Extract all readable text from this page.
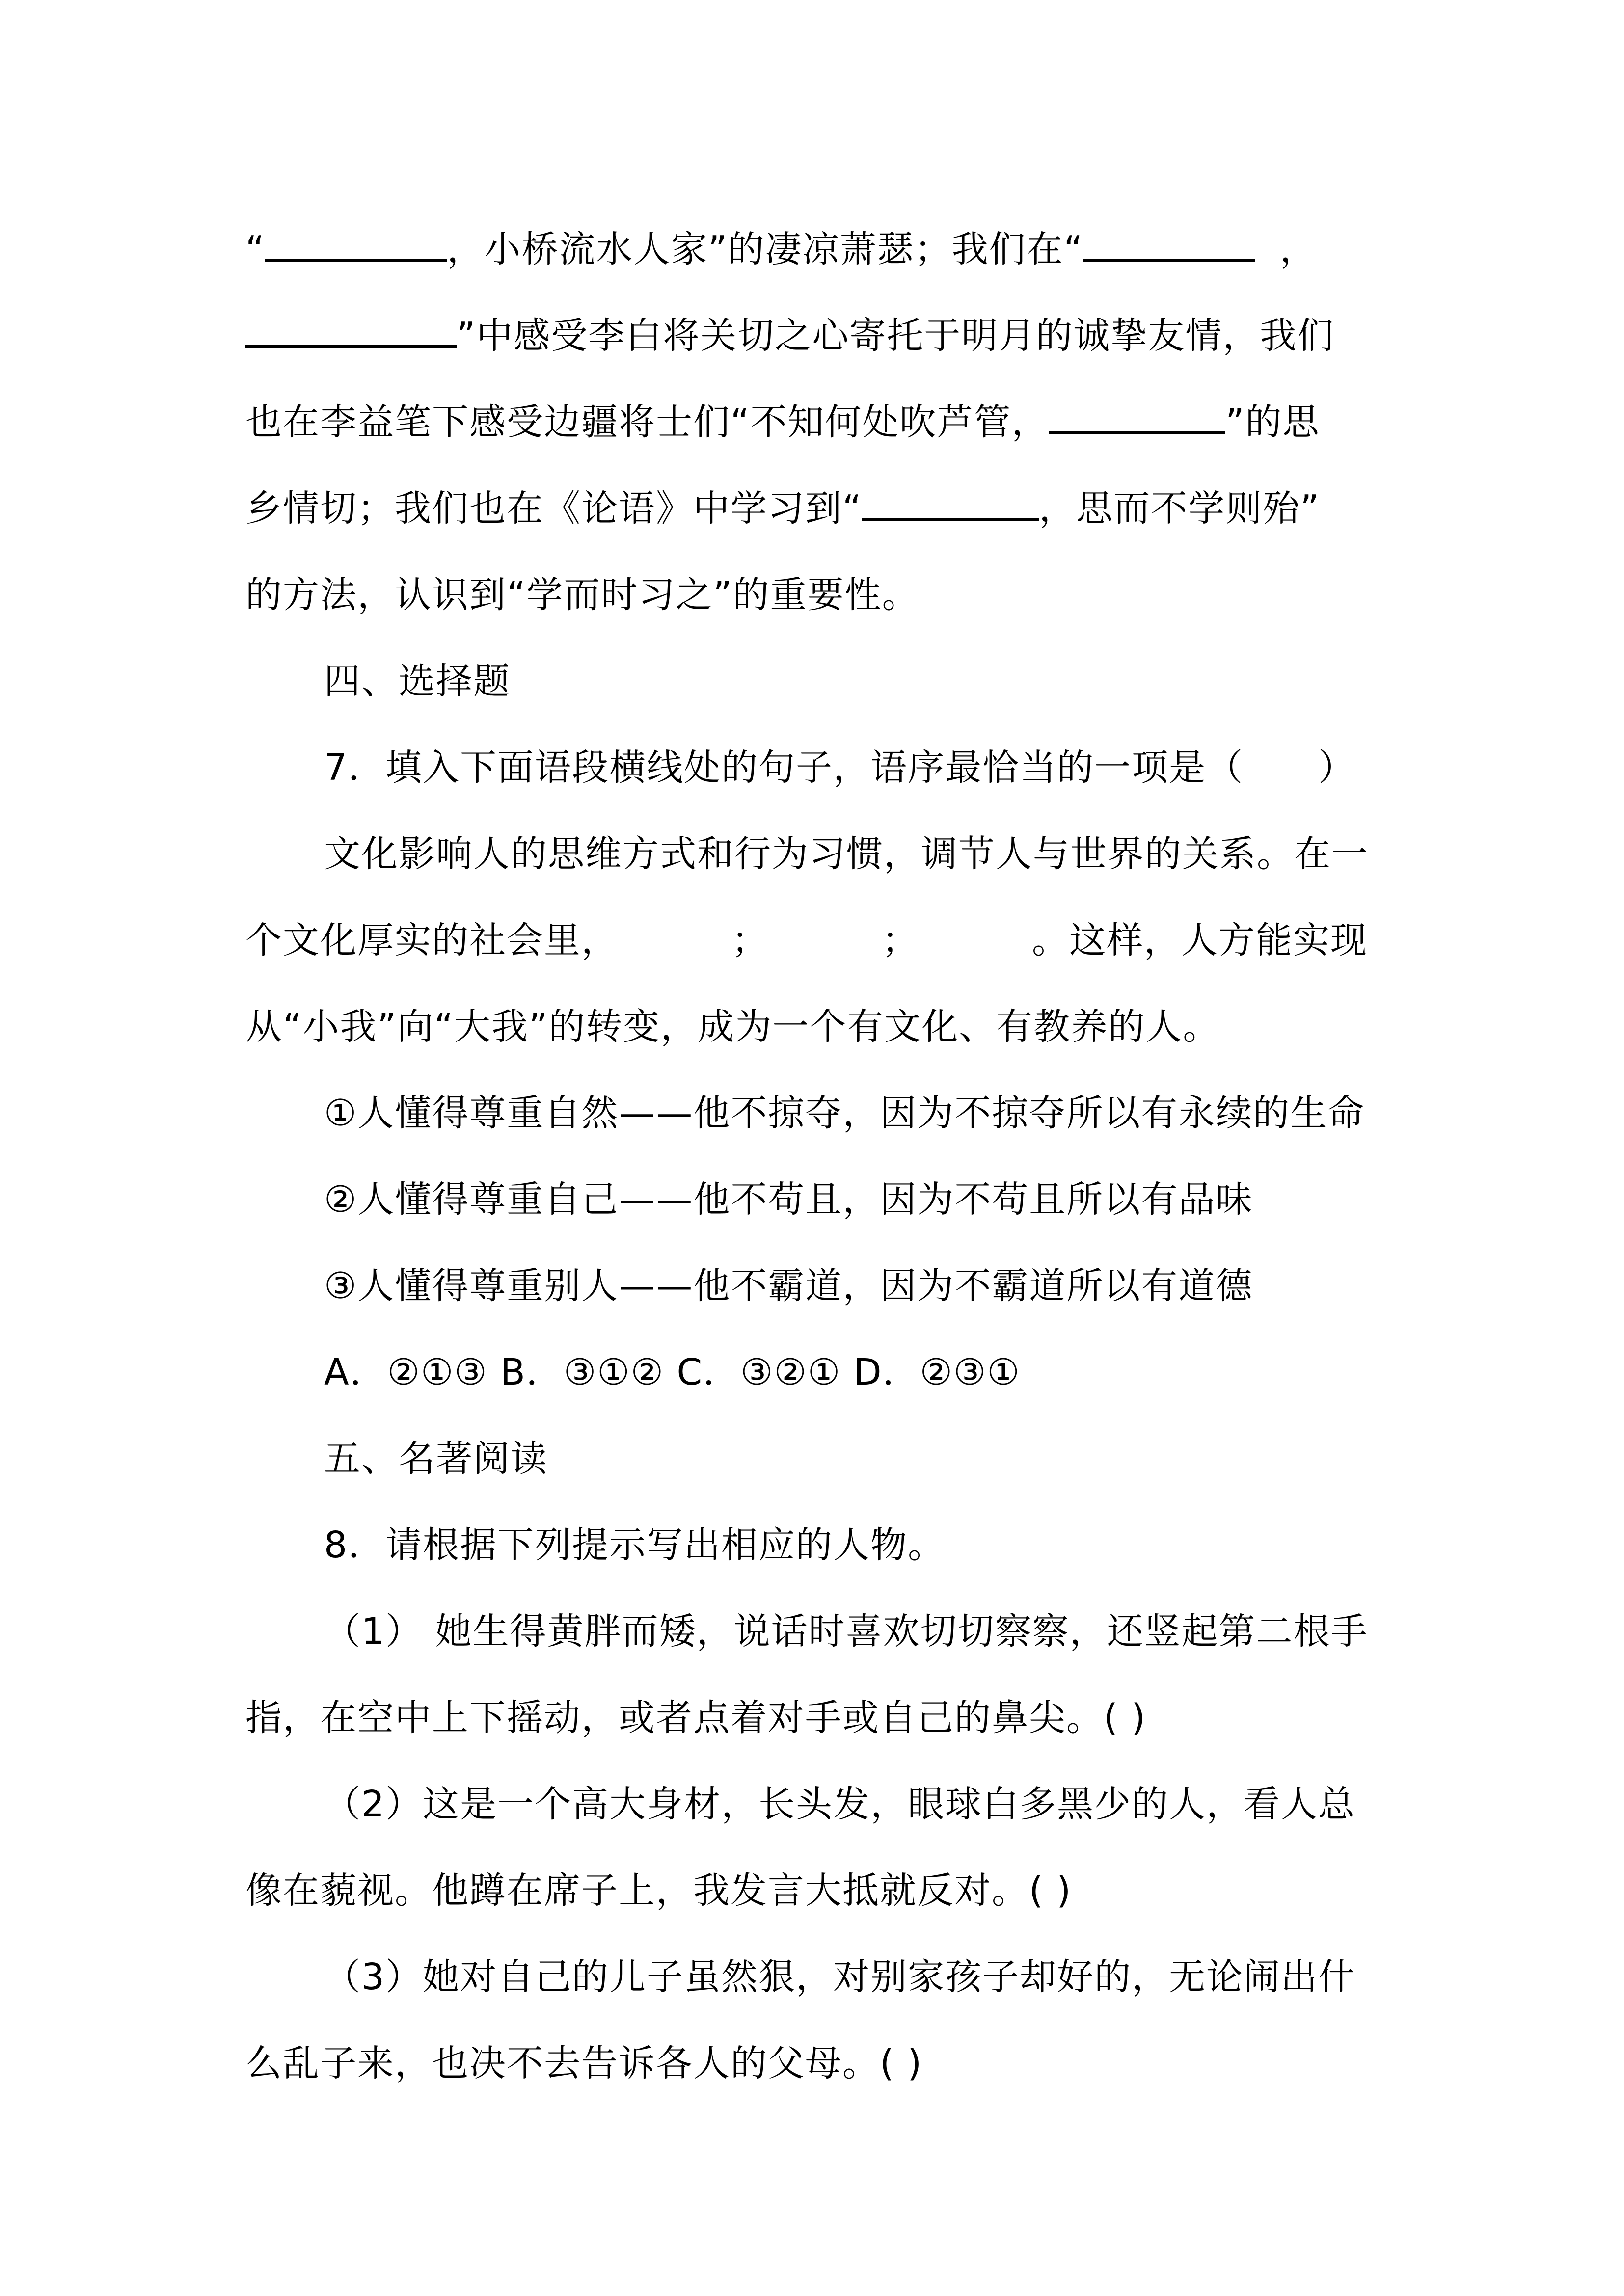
“	，小桥流水人家”的凄凉萧瑟；我们在“	，
”中感受李白将关切之心寄托于明月的诚挚友情，我们
也在李益笔下感受边疆将士们“不知何处吹芦管，	”的思
乡情切；我们也在《论语》中学习到“	，思而不学则殆”
的方法，认识到“学而时习之”的重要性。
四、选择题
7．填入下面语段横线处的句子，语序最恰当的一项是（　　）
文化影响人的思维方式和行为习惯，调节人与世界的关系。在一
个文化厚实的社会里，	；	；	。这样，人方能实现
从“小我”向“大我”的转变，成为一个有文化、有教养的人。
①人懂得尊重自然——他不掠夺，因为不掠夺所以有永续的生命
②人懂得尊重自己——他不苟且，因为不苟且所以有品味
③人懂得尊重别人——他不霸道，因为不霸道所以有道德
A．②①③ B．③①② C．③②① D．②③①
五、名著阅读
8．请根据下列提示写出相应的人物。
（1） 她生得黄胖而矮，说话时喜欢切切察察，还竖起第二根手
指，在空中上下摇动，或者点着对手或自己的鼻尖。( )
（2）这是一个高大身材，长头发，眼球白多黑少的人，看人总
像在藐视。他蹲在席子上，我发言大抵就反对。( )
（3）她对自己的儿子虽然狠，对别家孩子却好的，无论闹出什
么乱子来，也决不去告诉各人的父母。( )
